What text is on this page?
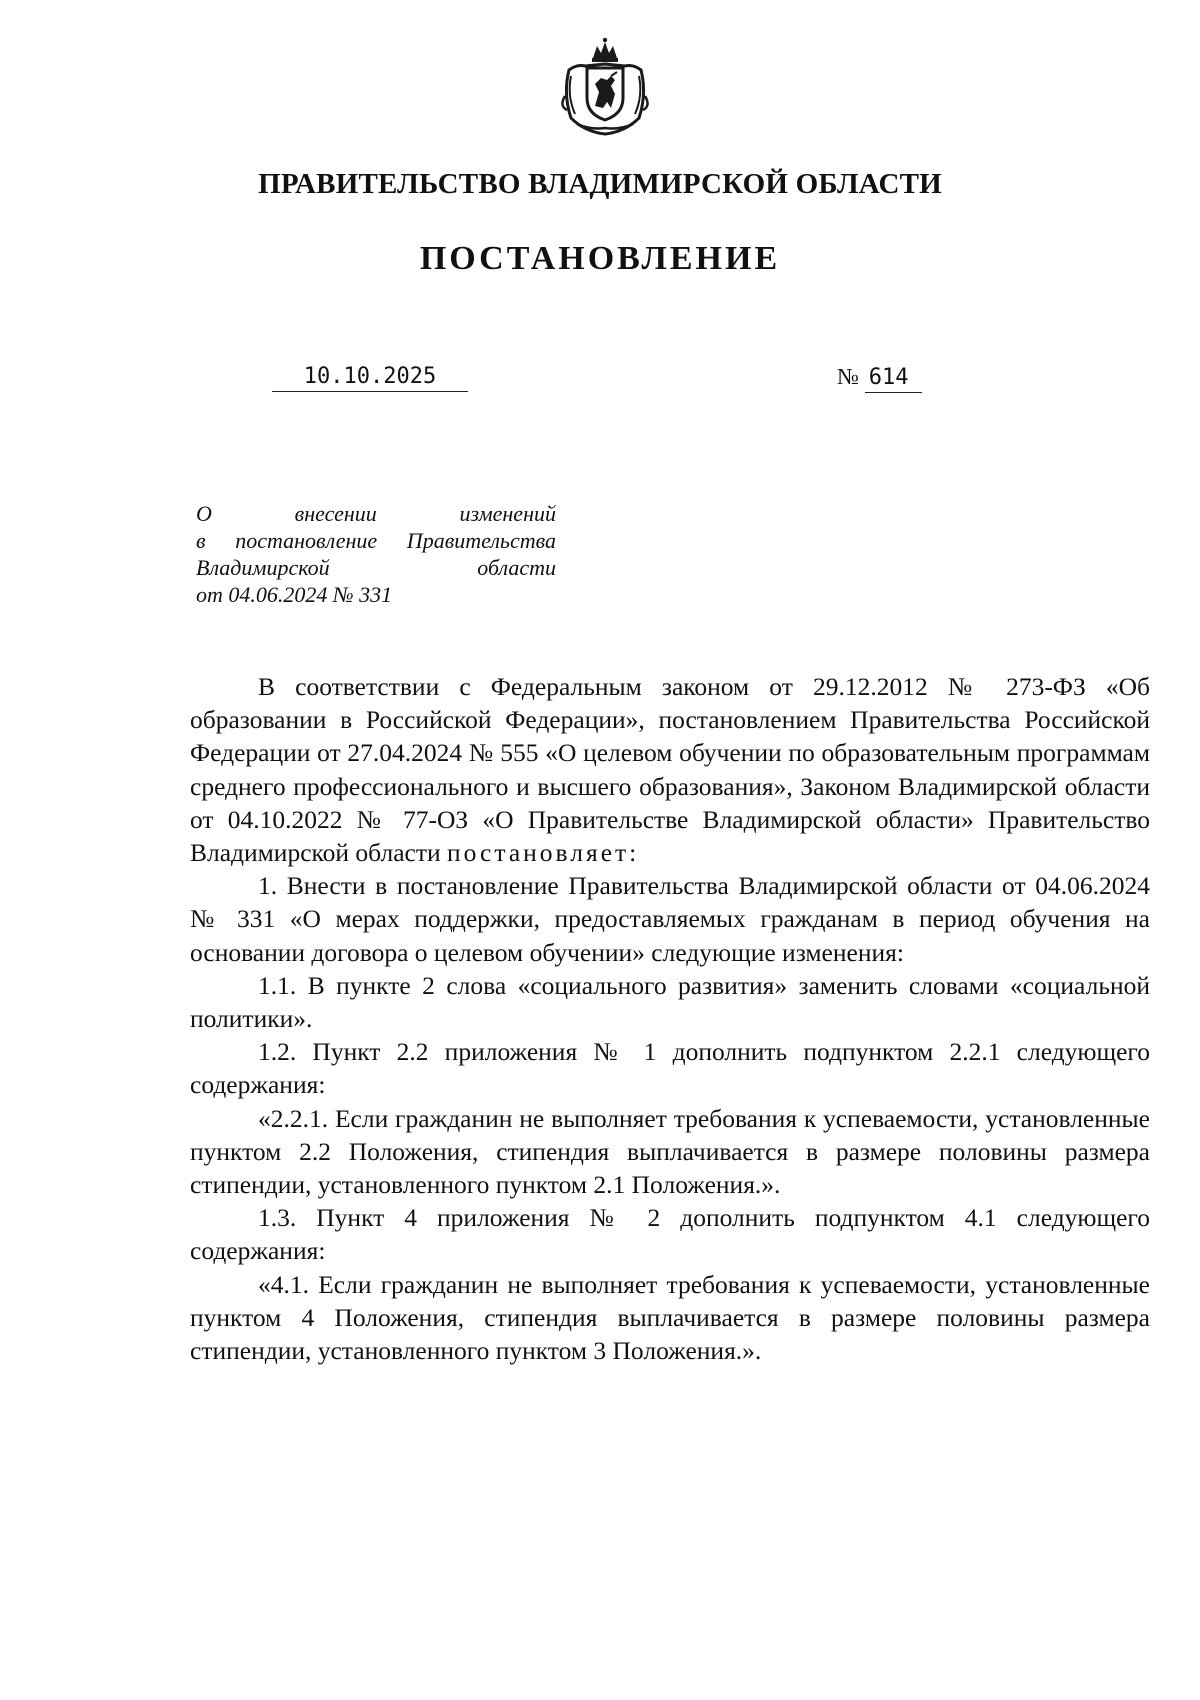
ПРАВИТЕЛЬСТВО ВЛАДИМИРСКОЙ ОБЛАСТИ
ПОСТАНОВЛЕНИЕ
10.10.2025	№ 614
О внесении изменений
в постановление Правительства
Владимирской области
от 04.06.2024 № 331

В соответствии с Федеральным законом от 29.12.2012 № 273-ФЗ «Об образовании в Российской Федерации», постановлением Правительства Российской Федерации от 27.04.2024 № 555 «О целевом обучении по образовательным программам среднего профессионального и высшего образования», Законом Владимирской области от 04.10.2022 № 77-ОЗ «О Правительстве Владимирской области» Правительство Владимирской области постановляет:

1. Внести в постановление Правительства Владимирской области от 04.06.2024 № 331 «О мерах поддержки, предоставляемых гражданам в период обучения на основании договора о целевом обучении» следующие изменения:

1.1. В пункте 2 слова «социального развития» заменить словами «социальной политики».

1.2. Пункт 2.2 приложения № 1 дополнить подпунктом 2.2.1 следующего содержания:

«2.2.1. Если гражданин не выполняет требования к успеваемости, установленные пунктом 2.2 Положения, стипендия выплачивается в размере половины размера стипендии, установленного пунктом 2.1 Положения.».

1.3. Пункт 4 приложения № 2 дополнить подпунктом 4.1 следующего содержания:

«4.1. Если гражданин не выполняет требования к успеваемости, установленные пунктом 4 Положения, стипендия выплачивается в размере половины размера стипендии, установленного пунктом 3 Положения.».
